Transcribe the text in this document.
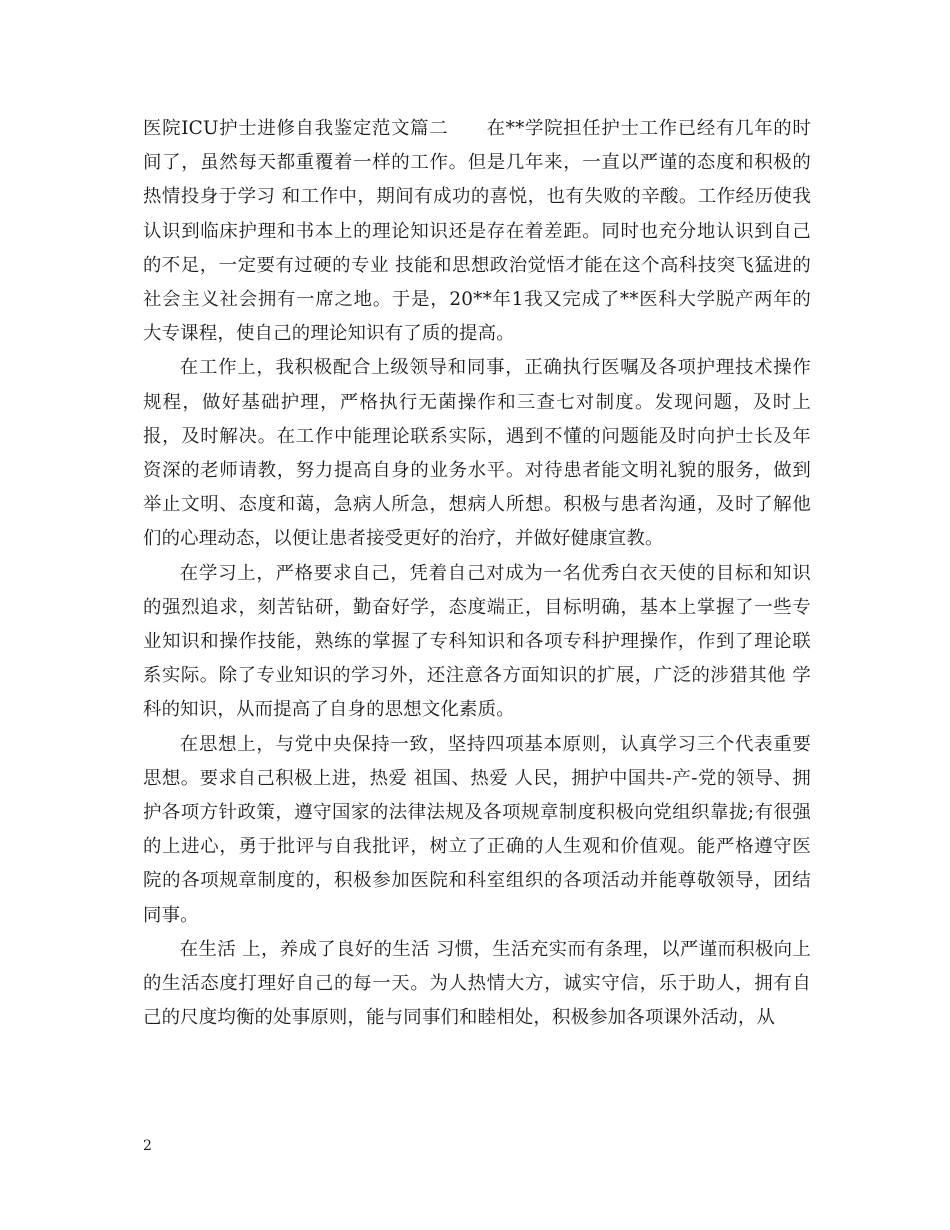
医院ICU护士进修自我鉴定范文篇二　　在**学院担任护士工作已经有几年的时间了，虽然每天都重覆着一样的工作。但是几年来，一直以严谨的态度和积极的热情投身于学习 和工作中，期间有成功的喜悦，也有失败的辛酸。工作经历使我认识到临床护理和书本上的理论知识还是存在着差距。同时也充分地认识到自己的不足，一定要有过硬的专业 技能和思想政治觉悟才能在这个高科技突飞猛进的社会主义社会拥有一席之地。于是，20**年1我又完成了**医科大学脱产两年的大专课程，使自己的理论知识有了质的提高。

在工作上，我积极配合上级领导和同事，正确执行医嘱及各项护理技术操作规程，做好基础护理，严格执行无菌操作和三查七对制度。发现问题，及时上报，及时解决。在工作中能理论联系实际，遇到不懂的问题能及时向护士长及年资深的老师请教，努力提高自身的业务水平。对待患者能文明礼貌的服务，做到举止文明、态度和蔼，急病人所急，想病人所想。积极与患者沟通，及时了解他们的心理动态，以便让患者接受更好的治疗，并做好健康宣教。

在学习上，严格要求自己，凭着自己对成为一名优秀白衣天使的目标和知识的强烈追求，刻苦钻研，勤奋好学，态度端正，目标明确，基本上掌握了一些专业知识和操作技能，熟练的掌握了专科知识和各项专科护理操作，作到了理论联系实际。除了专业知识的学习外，还注意各方面知识的扩展，广泛的涉猎其他 学科的知识，从而提高了自身的思想文化素质。

在思想上，与党中央保持一致，坚持四项基本原则，认真学习三个代表重要思想。要求自己积极上进，热爱 祖国、热爱 人民，拥护中国共-产-党的领导、拥护各项方针政策，遵守国家的法律法规及各项规章制度积极向党组织靠拢;有很强的上进心，勇于批评与自我批评，树立了正确的人生观和价值观。能严格遵守医院的各项规章制度的，积极参加医院和科室组织的各项活动并能尊敬领导，团结同事。

在生活 上，养成了良好的生活 习惯，生活充实而有条理，以严谨而积极向上的生活态度打理好自己的每一天。为人热情大方，诚实守信，乐于助人，拥有自己的尺度均衡的处事原则，能与同事们和睦相处，积极参加各项课外活动，从

2
